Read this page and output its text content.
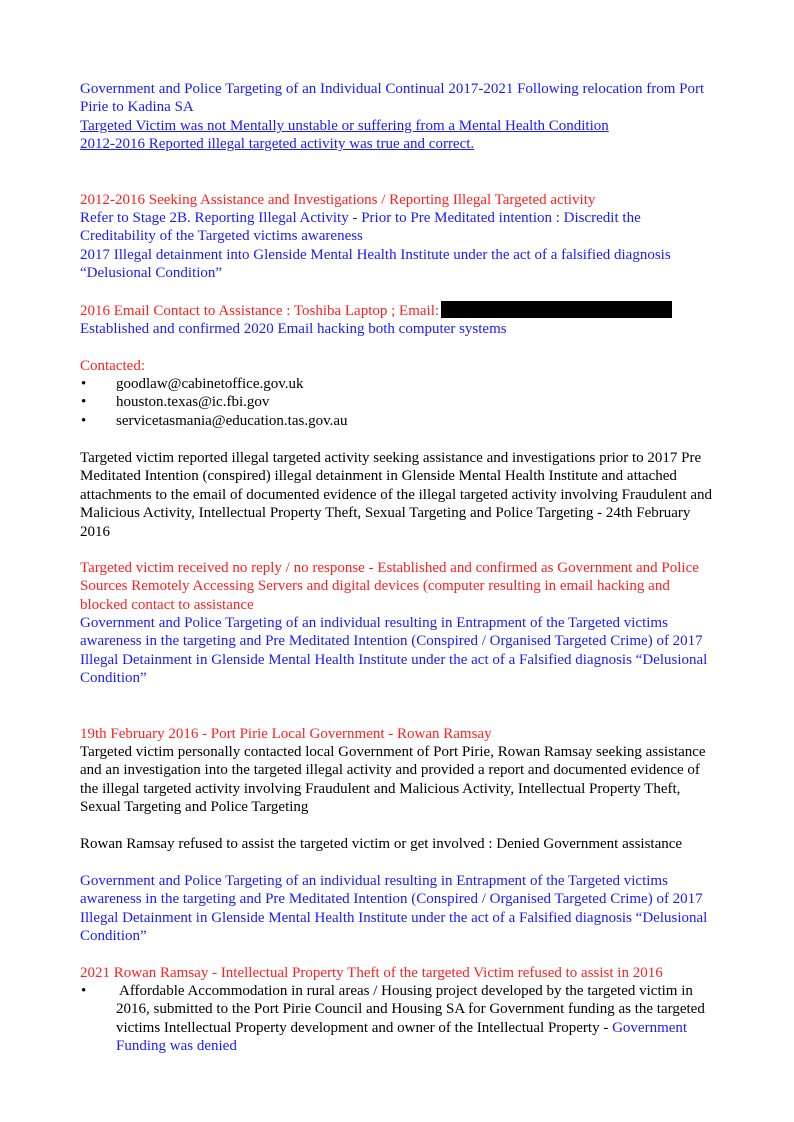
Government and Police Targeting of an Individual Continual 2017-2021 Following relocation from Port Pirie to Kadina SA

Targeted Victim was not Mentally unstable or suffering from a Mental Health Condition

2012-2016 Reported illegal targeted activity was true and correct.

2012-2016 Seeking Assistance and Investigations / Reporting Illegal Targeted activity

Refer to Stage 2B. Reporting Illegal Activity - Prior to Pre Meditated intention : Discredit the Creditability of the Targeted victims awareness

2017 Illegal detainment into Glenside Mental Health Institute under the act of a falsified diagnosis “Delusional Condition”

2016 Email Contact to Assistance : Toshiba Laptop ; Email:

Established and confirmed 2020 Email hacking both computer systems

Contacted:

• goodlaw@cabinetoffice.gov.uk
• houston.texas@ic.fbi.gov
• servicetasmania@education.tas.gov.au

Targeted victim reported illegal targeted activity seeking assistance and investigations prior to 2017 Pre Meditated Intention (conspired) illegal detainment in Glenside Mental Health Institute and attached attachments to the email of documented evidence of the illegal targeted activity involving Fraudulent and Malicious Activity, Intellectual Property Theft, Sexual Targeting and Police Targeting - 24th February 2016

Targeted victim received no reply / no response - Established and confirmed as Government and Police Sources Remotely Accessing Servers and digital devices (computer resulting in email hacking and blocked contact to assistance

Government and Police Targeting of an individual resulting in Entrapment of the Targeted victims awareness in the targeting and Pre Meditated Intention (Conspired / Organised Targeted Crime) of 2017 Illegal Detainment in Glenside Mental Health Institute under the act of a Falsified diagnosis “Delusional Condition”

19th February 2016 - Port Pirie Local Government - Rowan Ramsay

Targeted victim personally contacted local Government of Port Pirie, Rowan Ramsay seeking assistance and an investigation into the targeted illegal activity and provided a report and documented evidence of the illegal targeted activity involving Fraudulent and Malicious Activity, Intellectual Property Theft, Sexual Targeting and Police Targeting

Rowan Ramsay refused to assist the targeted victim or get involved : Denied Government assistance

Government and Police Targeting of an individual resulting in Entrapment of the Targeted victims awareness in the targeting and Pre Meditated Intention (Conspired / Organised Targeted Crime) of 2017 Illegal Detainment in Glenside Mental Health Institute under the act of a Falsified diagnosis “Delusional Condition”

2021 Rowan Ramsay - Intellectual Property Theft of the targeted Victim refused to assist in 2016

• Affordable Accommodation in rural areas / Housing project developed by the targeted victim in 2016, submitted to the Port Pirie Council and Housing SA for Government funding as the targeted victims Intellectual Property development and owner of the Intellectual Property - Government Funding was denied
